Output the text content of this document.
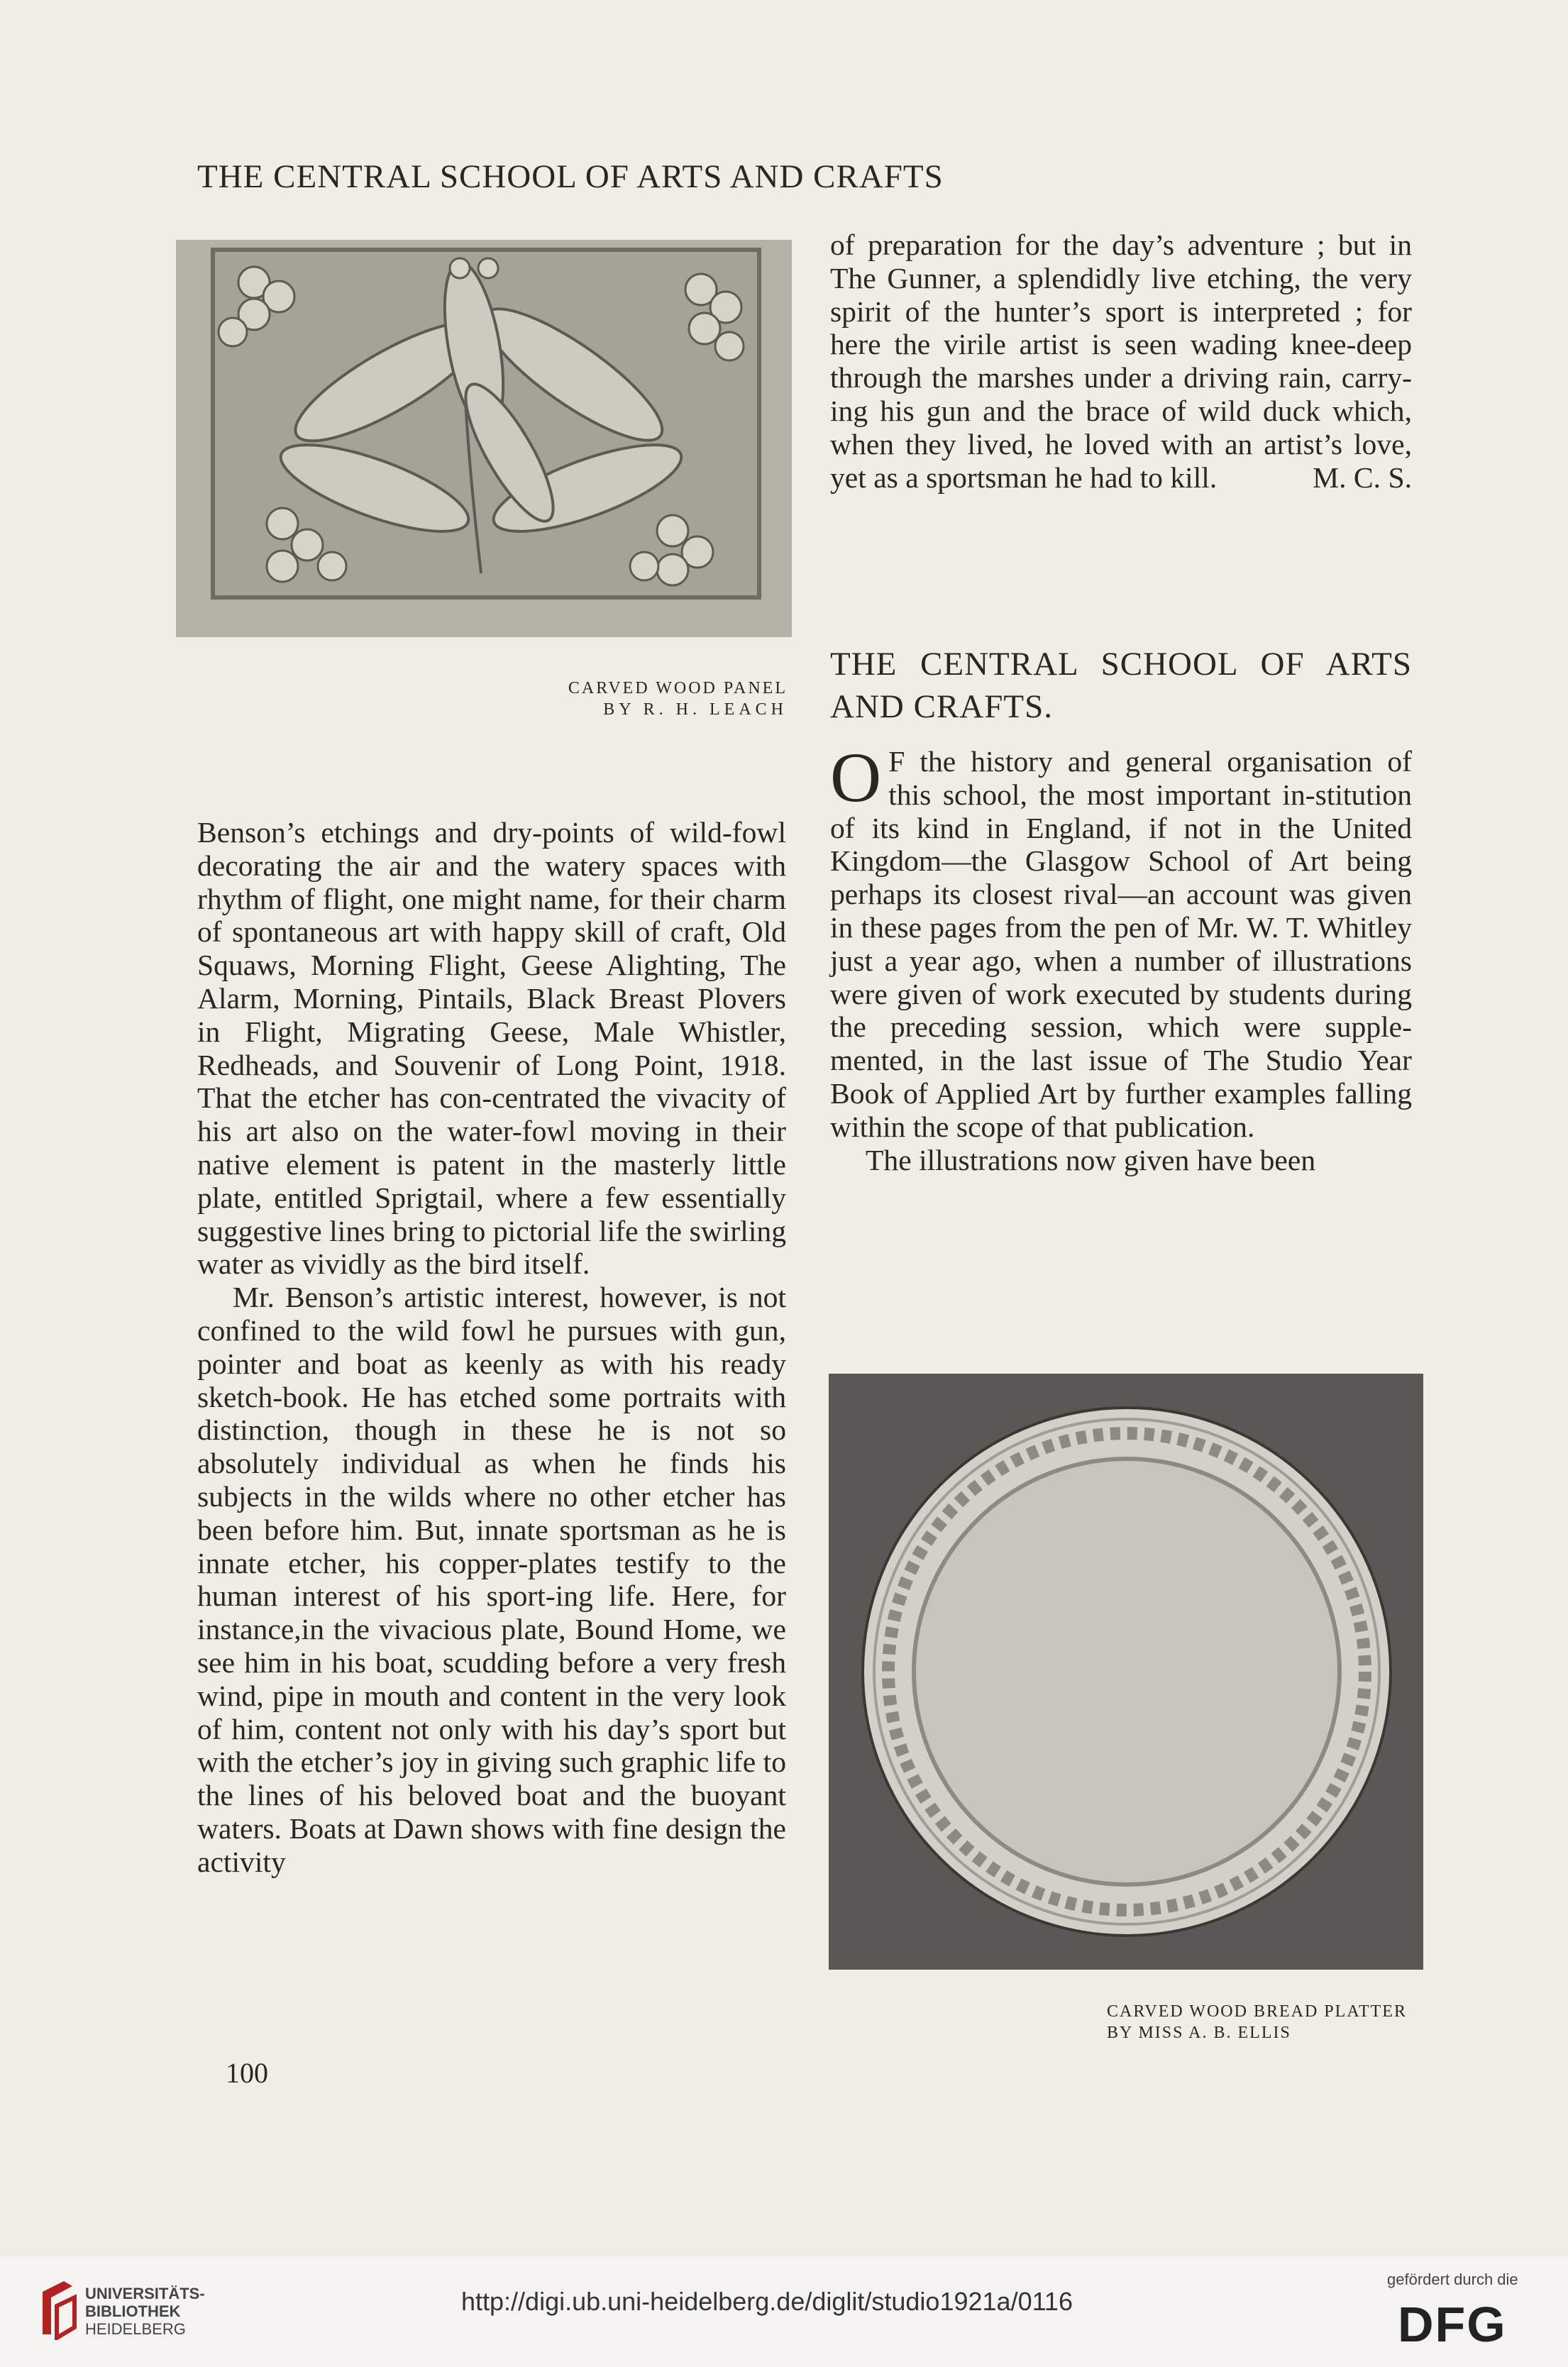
THE CENTRAL SCHOOL OF ARTS AND CRAFTS
CARVED WOOD PANEL
BY R. H. LEACH

Benson’s etchings and dry-points of wild-fowl decorating the air and the watery spaces with rhythm of flight, one might name, for their charm of spontaneous art with happy skill of craft, Old Squaws, Morning Flight, Geese Alighting, The Alarm, Morning, Pintails, Black Breast Plovers in Flight, Migrating Geese, Male Whistler, Redheads, and Souvenir of Long Point, 1918. That the etcher has con-centrated the vivacity of his art also on the water-fowl moving in their native element is patent in the masterly little plate, entitled Sprigtail, where a few essentially suggestive lines bring to pictorial life the swirling water as vividly as the bird itself.

Mr. Benson’s artistic interest, however, is not confined to the wild fowl he pursues with gun, pointer and boat as keenly as with his ready sketch-book. He has etched some portraits with distinction, though in these he is not so absolutely individual as when he finds his subjects in the wilds where no other etcher has been before him. But, innate sportsman as he is innate etcher, his copper-plates testify to the human interest of his sport-ing life. Here, for instance,in the vivacious plate, Bound Home, we see him in his boat, scudding before a very fresh wind, pipe in mouth and content in the very look of him, content not only with his day’s sport but with the etcher’s joy in giving such graphic life to the lines of his beloved boat and the buoyant waters. Boats at Dawn shows with fine design the activity

100

of preparation for the day’s adventure ; but in The Gunner, a splendidly live etching, the very spirit of the hunter’s sport is interpreted ; for here the virile artist is seen wading knee-deep through the marshes under a driving rain, carry-ing his gun and the brace of wild duck which, when they lived, he loved with an artist’s love, yet as a sportsman he had to kill.	M. C. S.

THE CENTRAL SCHOOL OF ARTS
AND CRAFTS.

O F the history and general organisation of this school, the most important in-stitution of its kind in England, if not in the United Kingdom—the Glasgow School of Art being perhaps its closest rival—an account was given in these pages from the pen of Mr. W. T. Whitley just a year ago, when a number of illustrations were given of work executed by students during the preceding session, which were supple-mented, in the last issue of The Studio Year Book of Applied Art by further examples falling within the scope of that publication.

The illustrations now given have been

CARVED WOOD BREAD PLATTER
BY MISS A. B. ELLIS
UNIVERSITÄTS-
BIBLIOTHEK
HEIDELBERG
http://digi.ub.uni-heidelberg.de/diglit/studio1921a/0116
gefördert durch die
DFG
